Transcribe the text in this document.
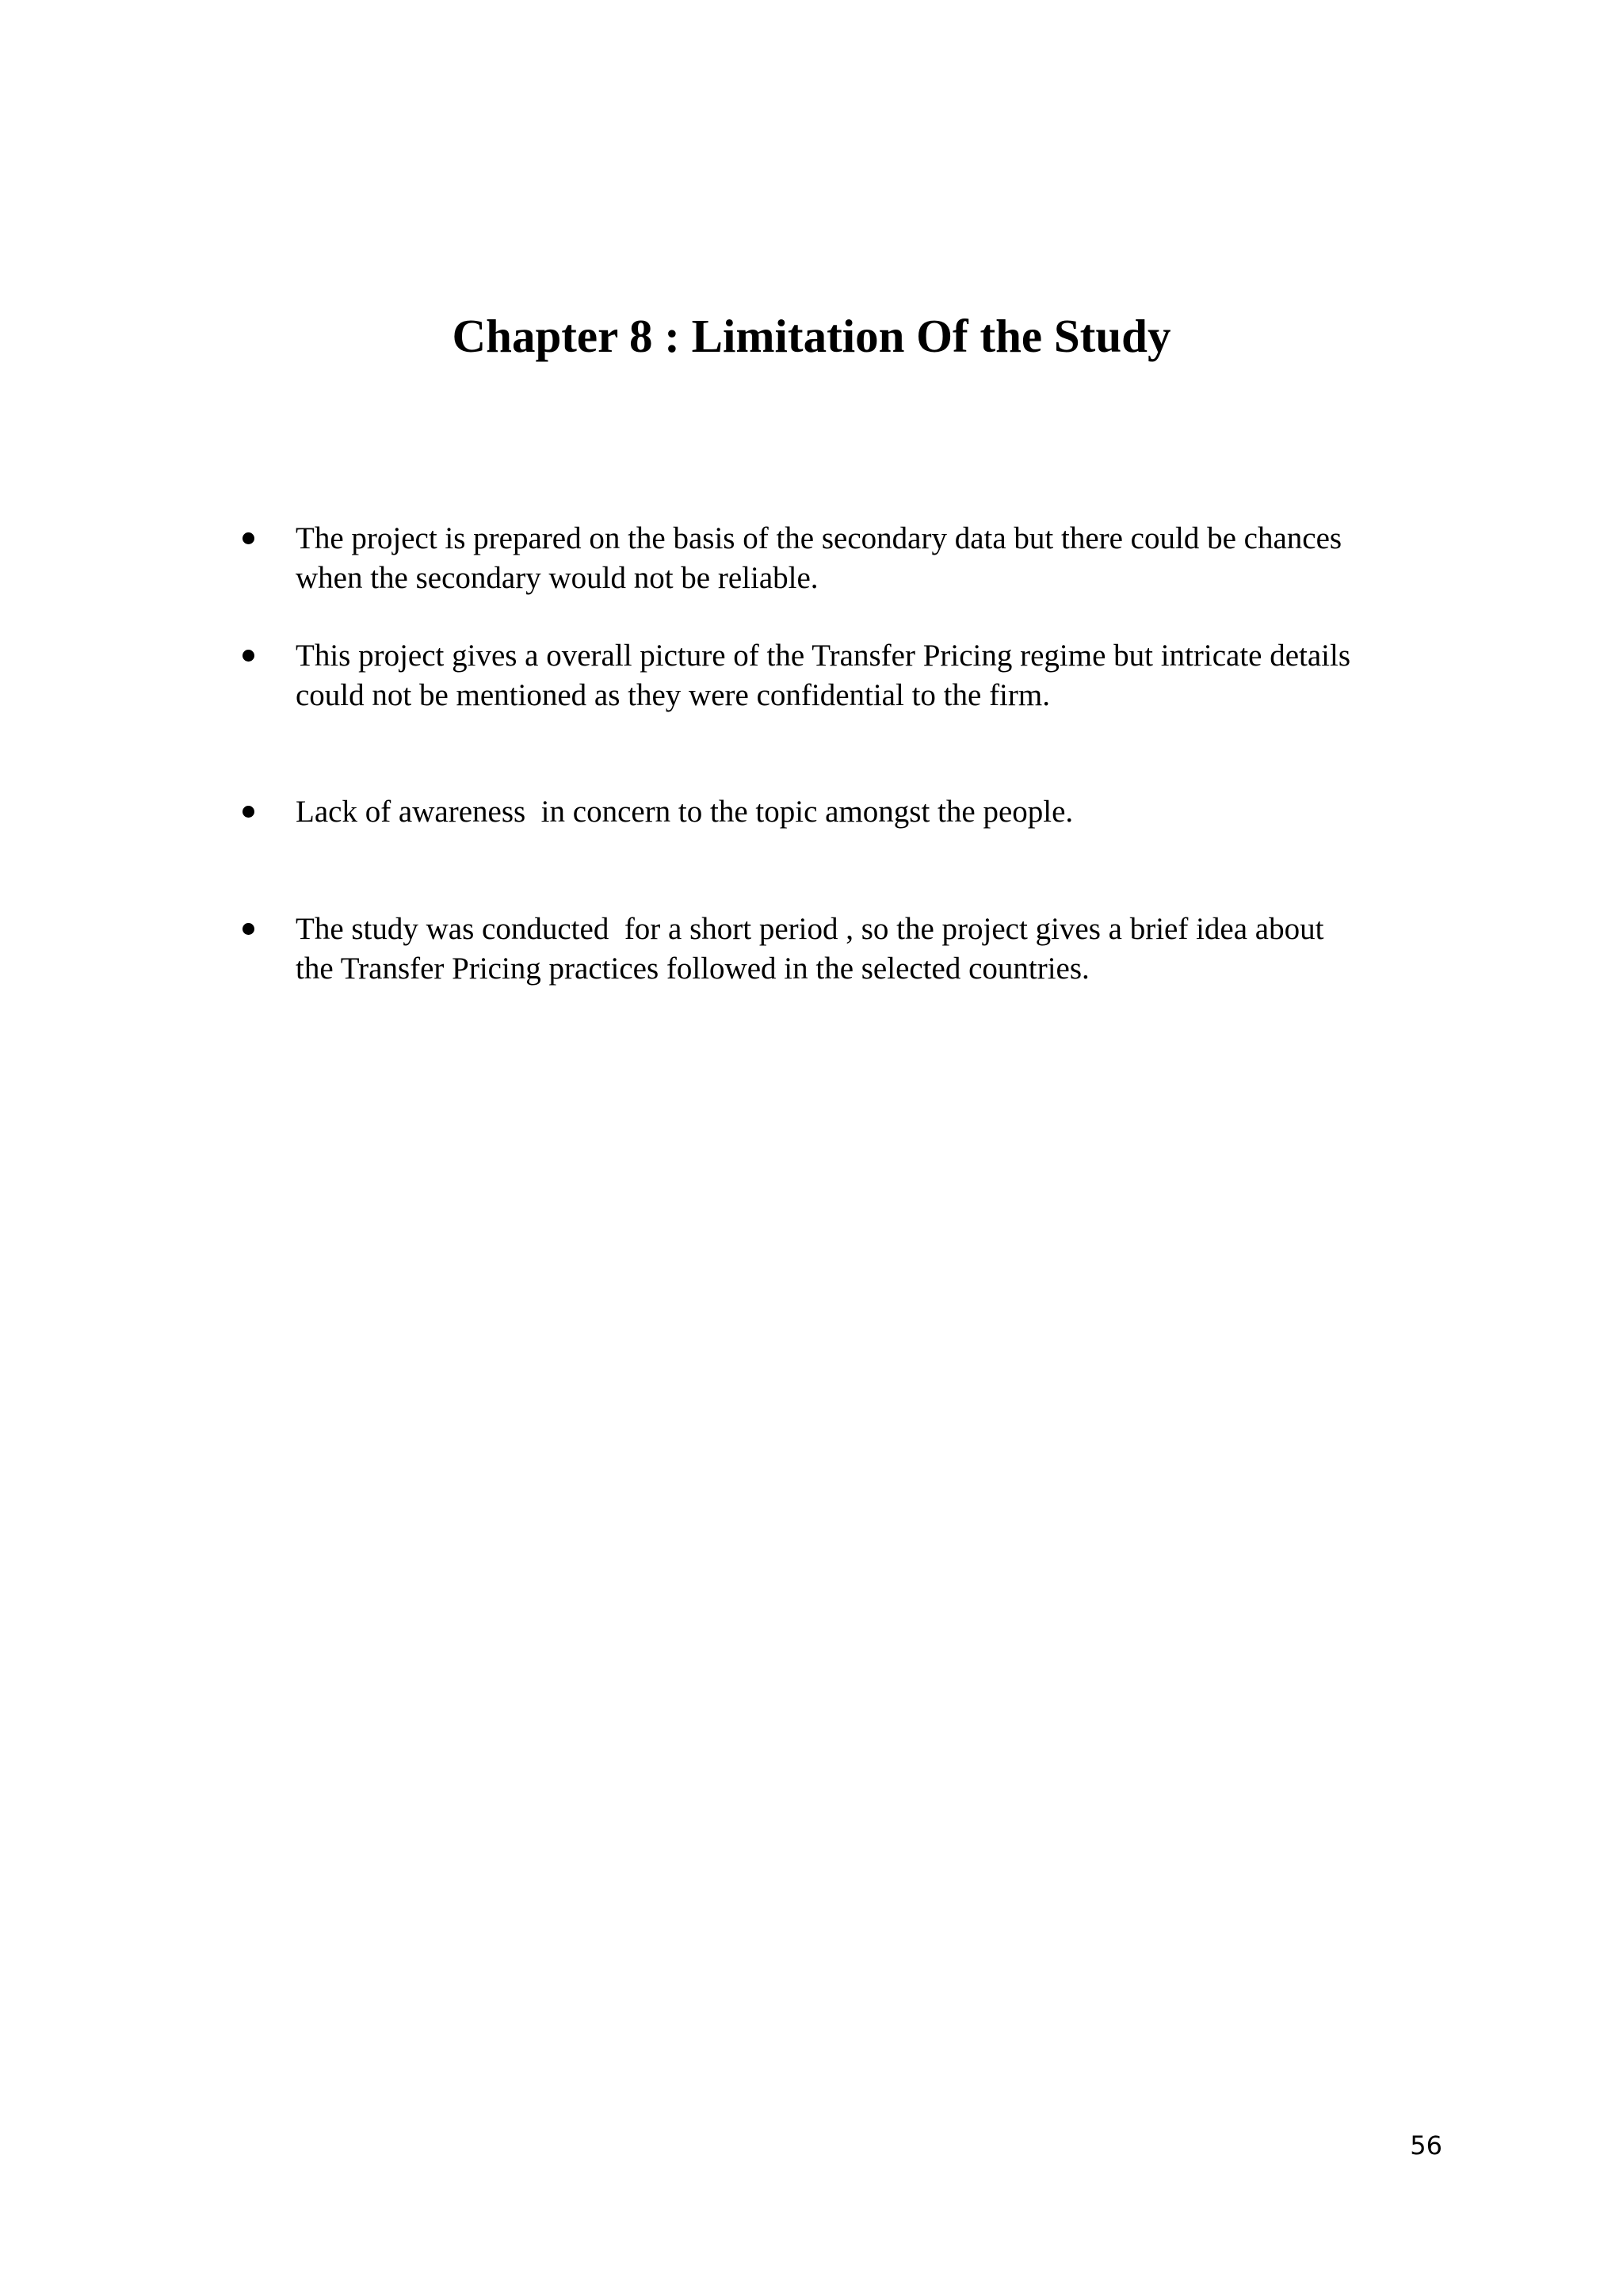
Chapter 8 : Limitation Of the Study

The project is prepared on the basis of the secondary data but there could be chances
when the secondary would not be reliable.

This project gives a overall picture of the Transfer Pricing regime but intricate details
could not be mentioned as they were confidential to the firm.

Lack of awareness  in concern to the topic amongst the people.

The study was conducted  for a short period , so the project gives a brief idea about
the Transfer Pricing practices followed in the selected countries.

56
